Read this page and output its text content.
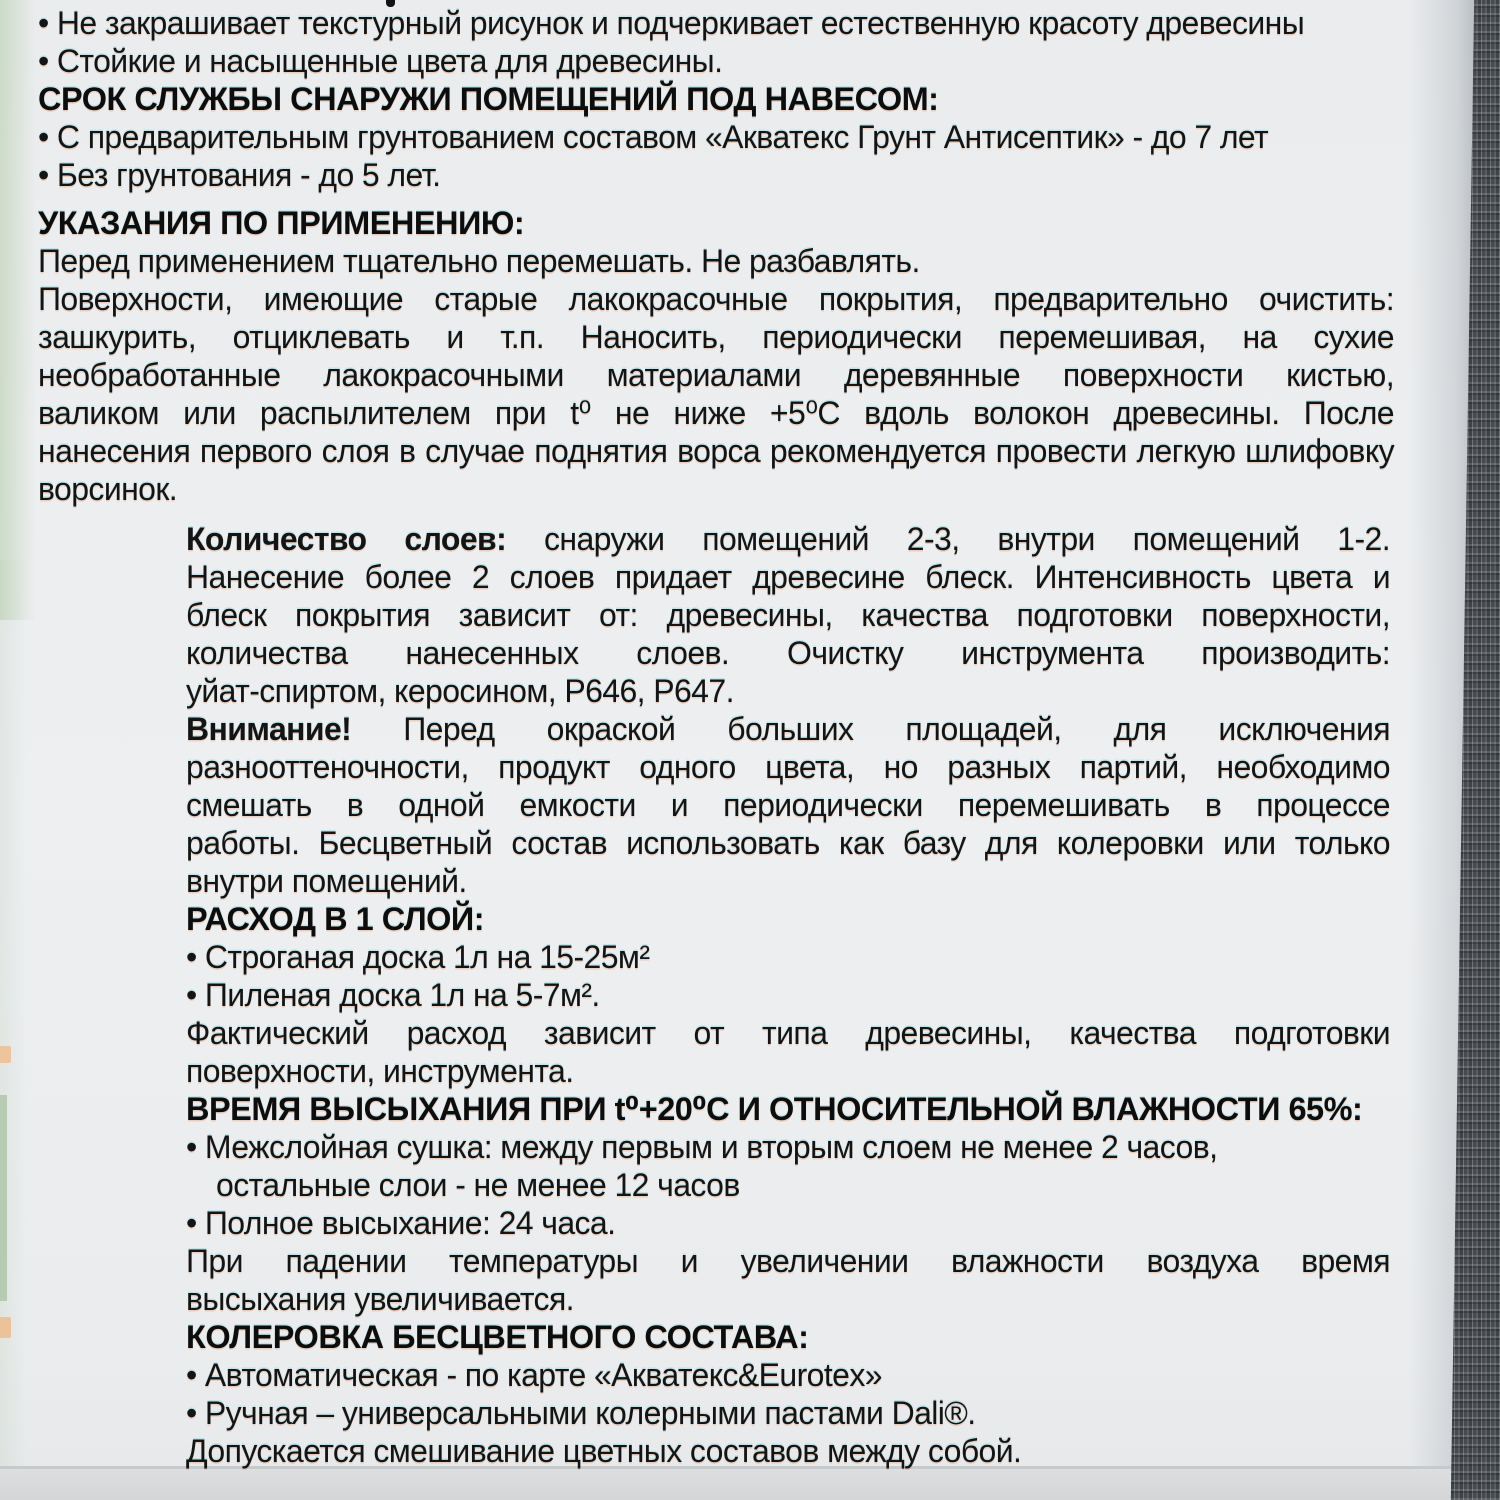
• Не закрашивает текстурный рисунок и подчеркивает естественную красоту древесины
• Стойкие и насыщенные цвета для древесины.
СРОК СЛУЖБЫ СНАРУЖИ ПОМЕЩЕНИЙ ПОД НАВЕСОМ:
• С предварительным грунтованием составом «Акватекс Грунт Антисептик» - до 7 лет
• Без грунтования - до 5 лет.
УКАЗАНИЯ ПО ПРИМЕНЕНИЮ:
Перед применением тщательно перемешать. Не разбавлять.
Поверхности, имеющие старые лакокрасочные покрытия, предварительно очистить:
зашкурить, отциклевать и т.п. Наносить, периодически перемешивая, на сухие
необработанные лакокрасочными материалами деревянные поверхности кистью,
валиком или распылителем при t⁰ не ниже +5⁰С вдоль волокон древесины. После
нанесения первого слоя в случае поднятия ворса рекомендуется провести легкую шлифовку
ворсинок.
Количество слоев: снаружи помещений 2-3, внутри помещений 1-2.
Нанесение более 2 слоев придает древесине блеск. Интенсивность цвета и
блеск покрытия зависит от: древесины, качества подготовки поверхности,
количества нанесенных слоев. Очистку инструмента производить:
уйат-спиртом, керосином, Р646, Р647.
Внимание! Перед окраской больших площадей, для исключения
разнооттеночности, продукт одного цвета, но разных партий, необходимо
смешать в одной емкости и периодически перемешивать в процессе
работы. Бесцветный состав использовать как базу для колеровки или только
внутри помещений.
РАСХОД В 1 СЛОЙ:
• Строганая доска 1л на 15-25м²
• Пиленая доска 1л на 5-7м².
Фактический расход зависит от типа древесины, качества подготовки
поверхности, инструмента.
ВРЕМЯ ВЫСЫХАНИЯ ПРИ t⁰+20⁰С И ОТНОСИТЕЛЬНОЙ ВЛАЖНОСТИ 65%:
• Межслойная сушка: между первым и вторым слоем не менее 2 часов,
остальные слои - не менее 12 часов
• Полное высыхание: 24 часа.
При падении температуры и увеличении влажности воздуха время
высыхания увеличивается.
КОЛЕРОВКА БЕСЦВЕТНОГО СОСТАВА:
• Автоматическая - по карте «Акватекс&Eurotex»
• Ручная – универсальными колерными пастами Dali®.
Допускается смешивание цветных составов между собой.
